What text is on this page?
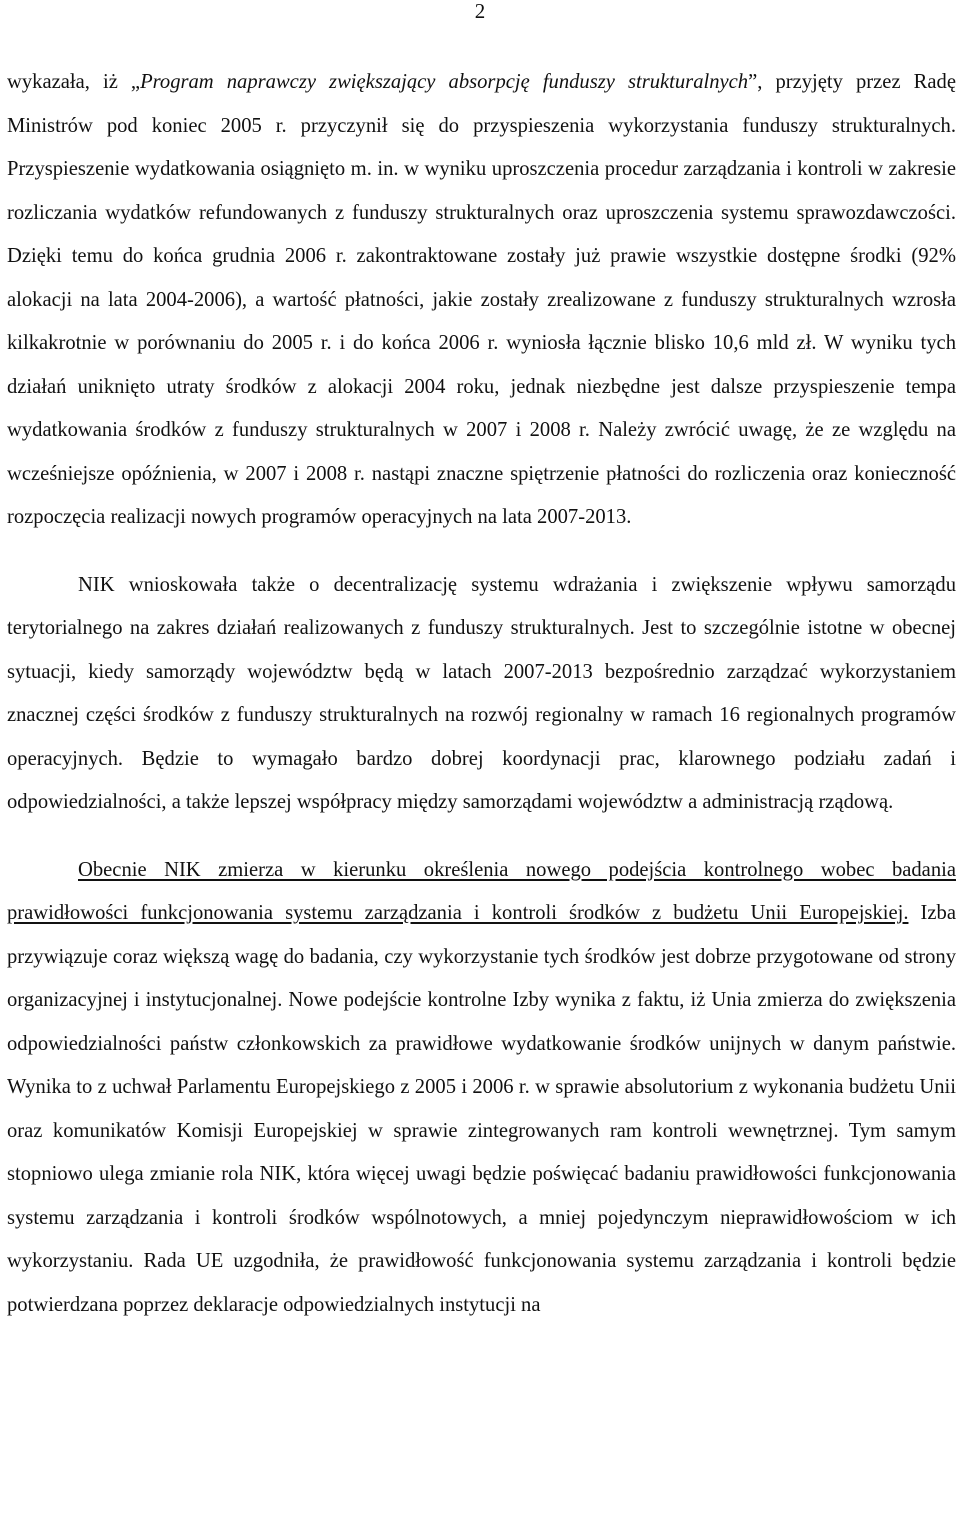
2

wykazała, iż „Program naprawczy zwiększający absorpcję funduszy strukturalnych”, przyjęty przez Radę Ministrów pod koniec 2005 r. przyczynił się do przyspieszenia wykorzystania funduszy strukturalnych. Przyspieszenie wydatkowania osiągnięto m. in. w wyniku uproszczenia procedur zarządzania i kontroli w zakresie rozliczania wydatków refundowanych z funduszy strukturalnych oraz uproszczenia systemu sprawozdawczości. Dzięki temu do końca grudnia 2006 r. zakontraktowane zostały już prawie wszystkie dostępne środki (92% alokacji na lata 2004-2006), a wartość płatności, jakie zostały zrealizowane z funduszy strukturalnych wzrosła kilkakrotnie w porównaniu do 2005 r. i do końca 2006 r. wyniosła łącznie blisko 10,6 mld zł. W wyniku tych działań uniknięto utraty środków z alokacji 2004 roku, jednak niezbędne jest dalsze przyspieszenie tempa wydatkowania środków z funduszy strukturalnych w 2007 i 2008 r. Należy zwrócić uwagę, że ze względu na wcześniejsze opóźnienia, w 2007 i 2008 r. nastąpi znaczne spiętrzenie płatności do rozliczenia oraz konieczność rozpoczęcia realizacji nowych programów operacyjnych na lata 2007-2013.

NIK wnioskowała także o decentralizację systemu wdrażania i zwiększenie wpływu samorządu terytorialnego na zakres działań realizowanych z funduszy strukturalnych. Jest to szczególnie istotne w obecnej sytuacji, kiedy samorządy województw będą w latach 2007-2013 bezpośrednio zarządzać wykorzystaniem znacznej części środków z funduszy strukturalnych na rozwój regionalny w ramach 16 regionalnych programów operacyjnych. Będzie to wymagało bardzo dobrej koordynacji prac, klarownego podziału zadań i odpowiedzialności, a także lepszej współpracy między samorządami województw a administracją rządową.

Obecnie NIK zmierza w kierunku określenia nowego podejścia kontrolnego wobec badania prawidłowości funkcjonowania systemu zarządzania i kontroli środków z budżetu Unii Europejskiej. Izba przywiązuje coraz większą wagę do badania, czy wykorzystanie tych środków jest dobrze przygotowane od strony organizacyjnej i instytucjonalnej. Nowe podejście kontrolne Izby wynika z faktu, iż Unia zmierza do zwiększenia odpowiedzialności państw członkowskich za prawidłowe wydatkowanie środków unijnych w danym państwie. Wynika to z uchwał Parlamentu Europejskiego z 2005 i 2006 r. w sprawie absolutorium z wykonania budżetu Unii oraz komunikatów Komisji Europejskiej w sprawie zintegrowanych ram kontroli wewnętrznej. Tym samym stopniowo ulega zmianie rola NIK, która więcej uwagi będzie poświęcać badaniu prawidłowości funkcjonowania systemu zarządzania i kontroli środków wspólnotowych, a mniej pojedynczym nieprawidłowościom w ich wykorzystaniu. Rada UE uzgodniła, że prawidłowość funkcjonowania systemu zarządzania i kontroli będzie potwierdzana poprzez deklaracje odpowiedzialnych instytucji na
